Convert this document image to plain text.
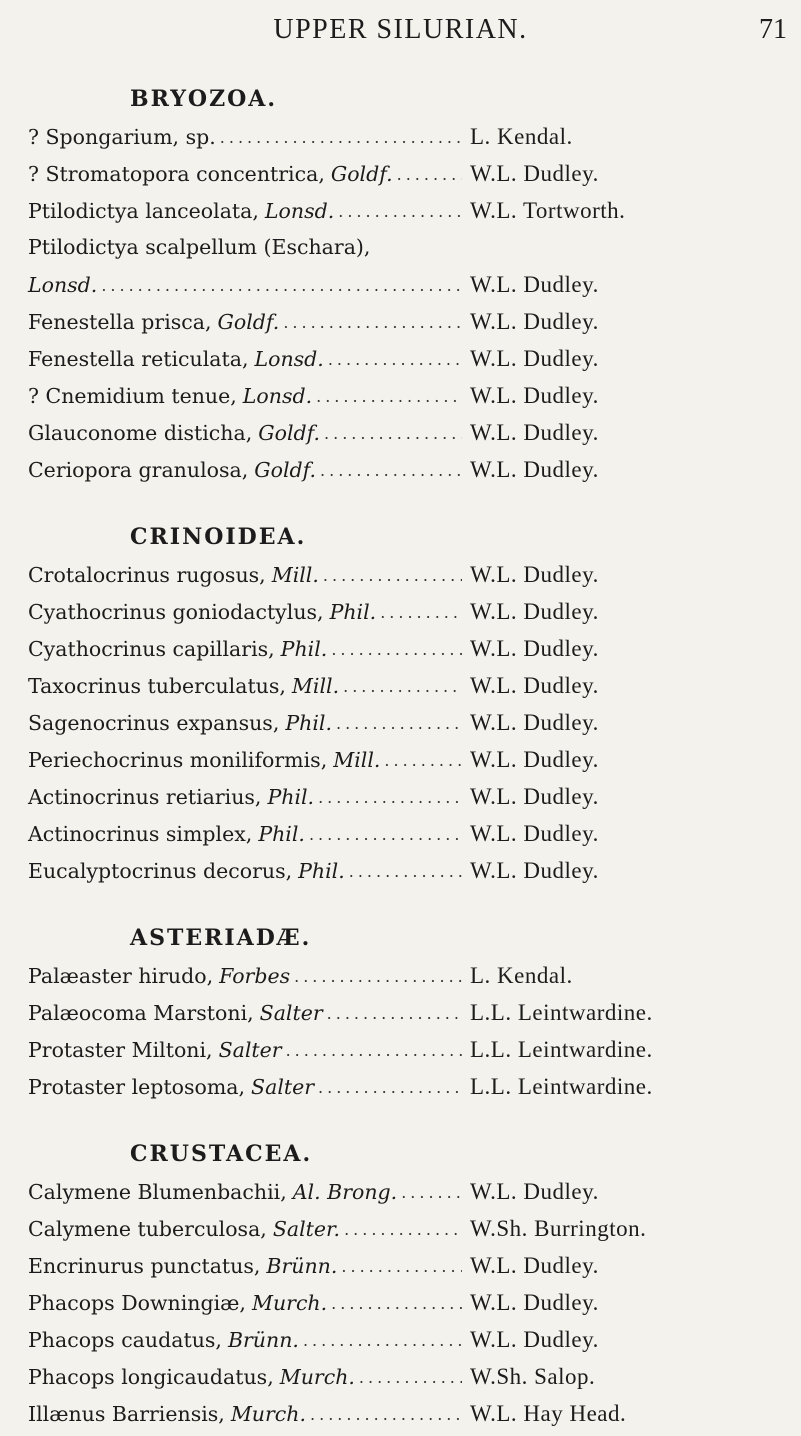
UPPER SILURIAN.	71
BRYOZOA.
? Spongarium, sp. .....	L. Kendal.
? Stromatopora concentrica, Goldf. .....	W.L. Dudley.
Ptilodictya lanceolata, Lonsd. .....	W.L. Tortworth.
Ptilodictya scalpellum (Eschara),
Lonsd. .....	W.L. Dudley.
Fenestella prisca, Goldf. .....	W.L. Dudley.
Fenestella reticulata, Lonsd. .....	W.L. Dudley.
? Cnemidium tenue, Lonsd. .....	W.L. Dudley.
Glauconome disticha, Goldf. .....	W.L. Dudley.
Ceriopora granulosa, Goldf. .....	W.L. Dudley.
CRINOIDEA.
Crotalocrinus rugosus, Mill. .....	W.L. Dudley.
Cyathocrinus goniodactylus, Phil. .....	W.L. Dudley.
Cyathocrinus capillaris, Phil. .....	W.L. Dudley.
Taxocrinus tuberculatus, Mill. .....	W.L. Dudley.
Sagenocrinus expansus, Phil. .....	W.L. Dudley.
Periechocrinus moniliformis, Mill. .....	W.L. Dudley.
Actinocrinus retiarius, Phil. .....	W.L. Dudley.
Actinocrinus simplex, Phil. .....	W.L. Dudley.
Eucalyptocrinus decorus, Phil. .....	W.L. Dudley.
ASTERIADÆ.
Palæaster hirudo, Forbes .....	L. Kendal.
Palæocoma Marstoni, Salter .....	L.L. Leintwardine.
Protaster Miltoni, Salter .....	L.L. Leintwardine.
Protaster leptosoma, Salter .....	L.L. Leintwardine.
CRUSTACEA.
Calymene Blumenbachii, Al. Brong. .....	W.L. Dudley.
Calymene tuberculosa, Salter. .....	W.Sh. Burrington.
Encrinurus punctatus, Brünn. .....	W.L. Dudley.
Phacops Downingiæ, Murch. .....	W.L. Dudley.
Phacops caudatus, Brünn. .....	W.L. Dudley.
Phacops longicaudatus, Murch. .....	W.Sh. Salop.
Illænus Barriensis, Murch. .....	W.L. Hay Head.
